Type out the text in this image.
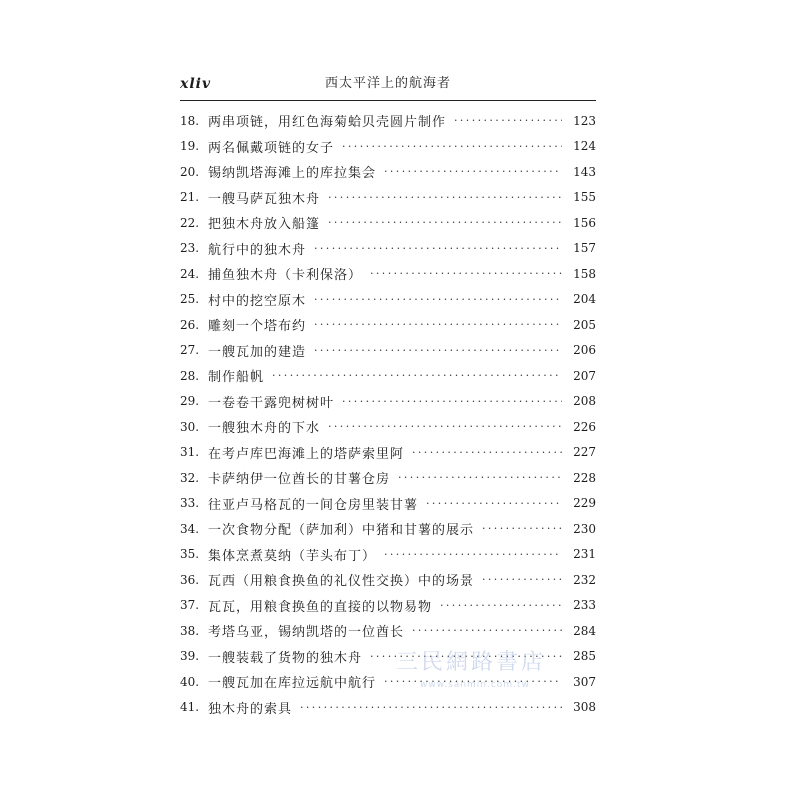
xliv	西太平洋上的航海者
18. 两串项链，用红色海菊蛤贝壳圆片制作 ·····	123
19. 两名佩戴项链的女子 ·····	124
20. 锡纳凯塔海滩上的库拉集会 ·····	143
21. 一艘马萨瓦独木舟 ·····	155
22. 把独木舟放入船篷 ·····	156
23. 航行中的独木舟 ·····	157
24. 捕鱼独木舟（卡利保洛） ·····	158
25. 村中的挖空原木 ·····	204
26. 雕刻一个塔布约 ·····	205
27. 一艘瓦加的建造 ·····	206
28. 制作船帆 ·····	207
29. 一卷卷干露兜树树叶 ·····	208
30. 一艘独木舟的下水 ·····	226
31. 在考卢库巴海滩上的塔萨索里阿 ·····	227
32. 卡萨纳伊一位酋长的甘薯仓房 ·····	228
33. 往亚卢马格瓦的一间仓房里装甘薯 ·····	229
34. 一次食物分配（萨加利）中猪和甘薯的展示 ·····	230
35. 集体烹煮莫纳（芋头布丁） ·····	231
36. 瓦西（用粮食换鱼的礼仪性交换）中的场景 ·····	232
37. 瓦瓦，用粮食换鱼的直接的以物易物 ·····	233
38. 考塔乌亚，锡纳凯塔的一位酋长 ·····	284
39. 一艘装载了货物的独木舟 ·····	285
40. 一艘瓦加在库拉远航中航行 ·····	307
41. 独木舟的索具 ·····	308
三民網路書店
www.sanmin.com.tw
